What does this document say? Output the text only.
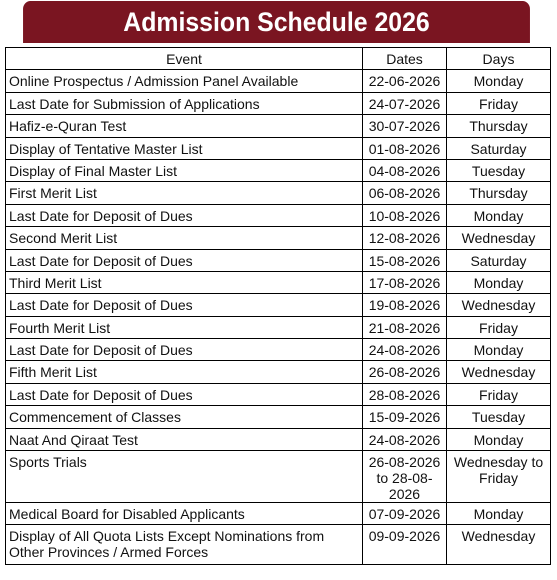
Admission Schedule 2026
Event	Dates	Days
Online Prospectus / Admission Panel Available	22-06-2026	Monday
Last Date for Submission of Applications	24-07-2026	Friday
Hafiz-e-Quran Test	30-07-2026	Thursday
Display of Tentative Master List	01-08-2026	Saturday
Display of Final Master List	04-08-2026	Tuesday
First Merit List	06-08-2026	Thursday
Last Date for Deposit of Dues	10-08-2026	Monday
Second Merit List	12-08-2026	Wednesday
Last Date for Deposit of Dues	15-08-2026	Saturday
Third Merit List	17-08-2026	Monday
Last Date for Deposit of Dues	19-08-2026	Wednesday
Fourth Merit List	21-08-2026	Friday
Last Date for Deposit of Dues	24-08-2026	Monday
Fifth Merit List	26-08-2026	Wednesday
Last Date for Deposit of Dues	28-08-2026	Friday
Commencement of Classes	15-09-2026	Tuesday
Naat And Qiraat Test	24-08-2026	Monday
Sports Trials	26-08-2026 to 28-08-2026	Wednesday to Friday
Medical Board for Disabled Applicants	07-09-2026	Monday
Display of All Quota Lists Except Nominations from Other Provinces / Armed Forces	09-09-2026	Wednesday
